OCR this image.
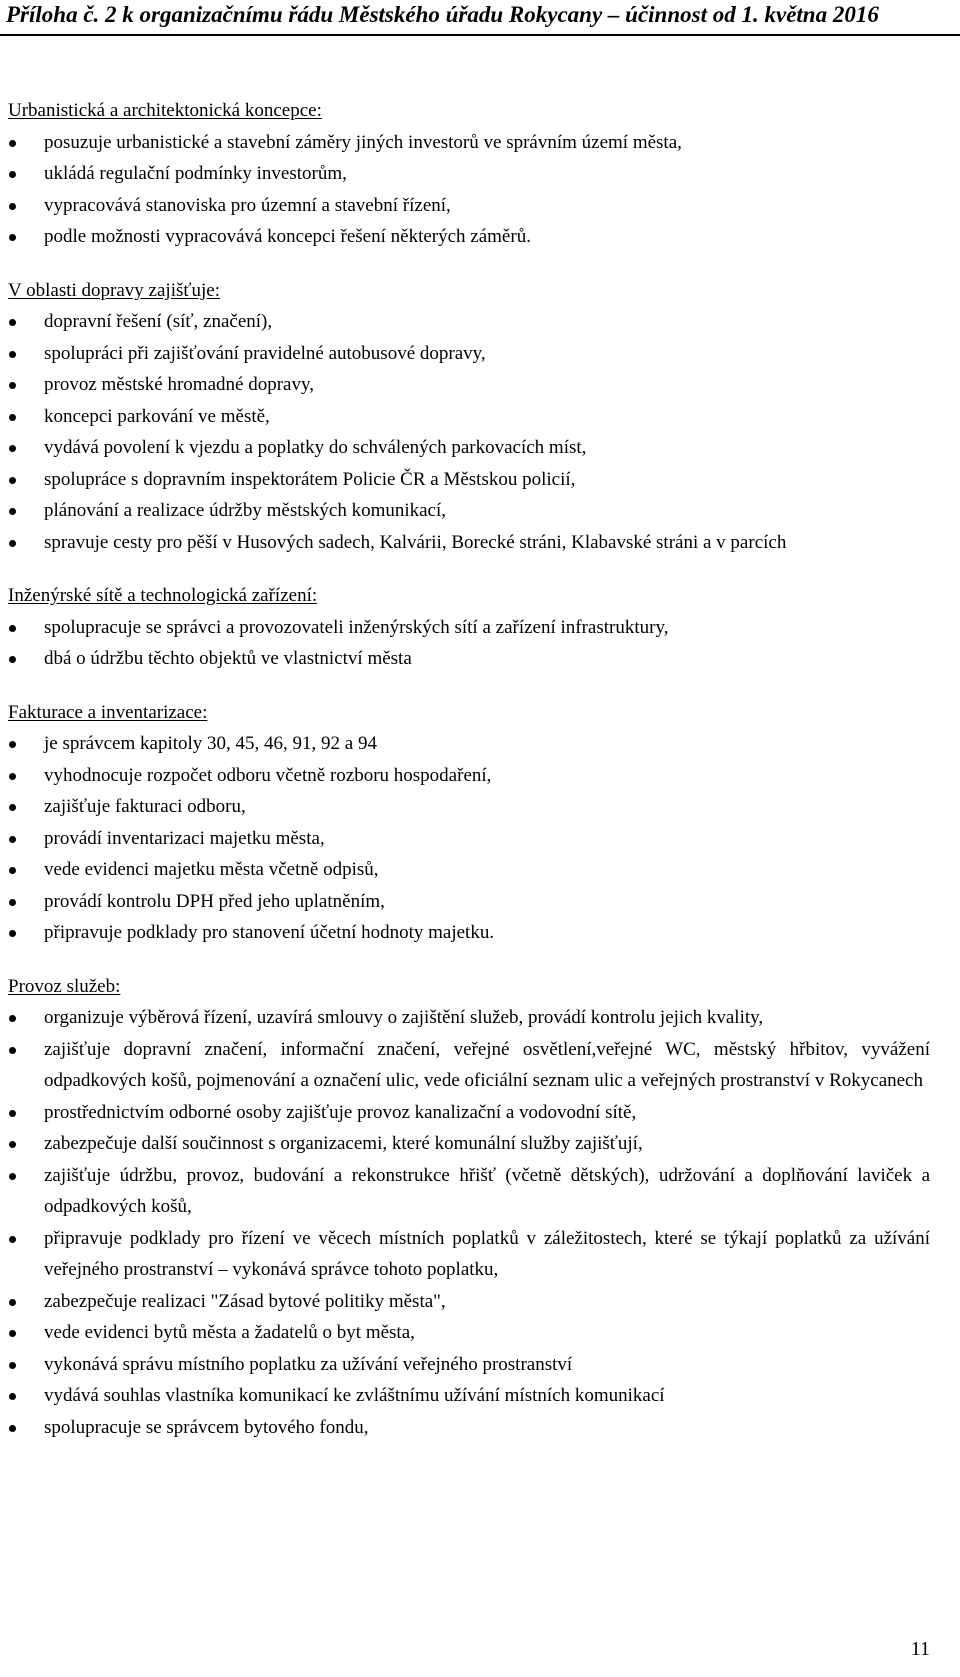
Příloha č. 2 k organizačnímu řádu Městského úřadu Rokycany – účinnost od 1. května 2016

Urbanistická a architektonická koncepce:

posuzuje urbanistické a stavební záměry jiných investorů ve správním území města,
ukládá regulační podmínky investorům,
vypracovává stanoviska pro územní a stavební řízení,
podle možnosti vypracovává koncepci řešení některých záměrů.

V oblasti dopravy zajišťuje:

dopravní řešení (síť, značení),
spolupráci při zajišťování pravidelné autobusové dopravy,
provoz městské hromadné dopravy,
koncepci parkování ve městě,
vydává povolení k vjezdu a poplatky do schválených parkovacích míst,
spolupráce s dopravním inspektorátem Policie ČR a Městskou policií,
plánování a realizace údržby městských komunikací,
spravuje cesty pro pěší v Husových sadech, Kalvárii, Borecké stráni, Klabavské stráni a v parcích

Inženýrské sítě a technologická zařízení:

spolupracuje se správci a provozovateli inženýrských sítí a zařízení infrastruktury,
dbá o údržbu těchto objektů ve vlastnictví města

Fakturace a inventarizace:

je správcem kapitoly 30, 45, 46, 91, 92 a 94
vyhodnocuje rozpočet odboru včetně rozboru hospodaření,
zajišťuje fakturaci odboru,
provádí inventarizaci majetku města,
vede evidenci majetku města včetně odpisů,
provádí kontrolu DPH před jeho uplatněním,
připravuje podklady pro stanovení účetní hodnoty majetku.

Provoz služeb:

organizuje výběrová řízení, uzavírá smlouvy o zajištění služeb, provádí kontrolu jejich kvality,
zajišťuje dopravní značení, informační značení, veřejné osvětlení,veřejné WC, městský hřbitov, vyvážení odpadkových košů, pojmenování a označení ulic, vede oficiální seznam ulic a veřejných prostranství v Rokycanech
prostřednictvím odborné osoby zajišťuje provoz kanalizační a vodovodní sítě,
zabezpečuje další součinnost s organizacemi, které komunální služby zajišťují,
zajišťuje údržbu, provoz, budování a rekonstrukce hřišť (včetně dětských), udržování a doplňování laviček a odpadkových košů,
připravuje podklady pro řízení ve věcech místních poplatků v záležitostech, které se týkají poplatků za užívání veřejného prostranství – vykonává správce tohoto poplatku,
zabezpečuje realizaci "Zásad bytové politiky města",
vede evidenci bytů města a žadatelů o byt města,
vykonává správu místního poplatku za užívání veřejného prostranství
vydává souhlas vlastníka komunikací ke zvláštnímu užívání místních komunikací
spolupracuje se správcem bytového fondu,
11
